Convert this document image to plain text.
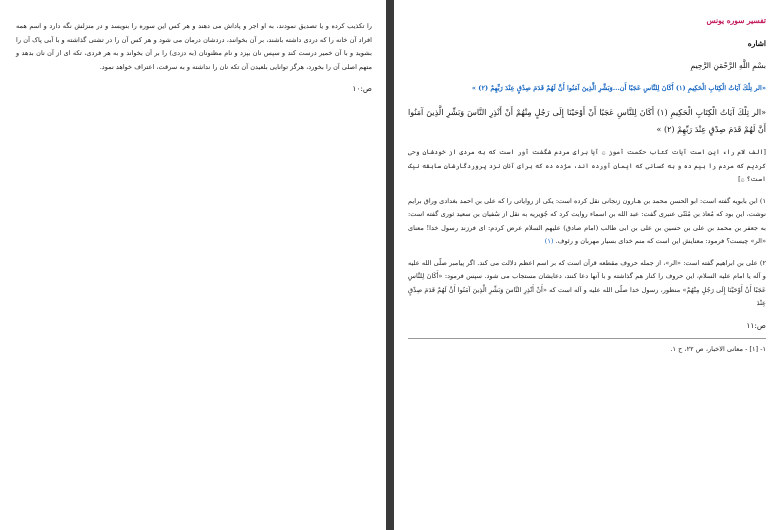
را تکذیب کرده و یا تصدیق نمودند، به او اجر و پاداش می دهند و هر کس این سوره را بنویسد و در منزلش نگه دارد و اسم همه افراد آن خانه را که دردی داشته باشند، بر آن بخوانند، دردشان درمان می شود و هر کس آن را در تشتی گذاشته و با آبی پاک آن را بشوید و با آن خمیر درست کند و سپس نان بپزد و نام مظنونان (به دزدی) را بر آن بخواند و به هر فردی، تکه ای از آن نان بدهد و متهم اصلی آن را بخورد، هرگز توانایی بلعیدن آن تکه نان را نداشته و به سرقت، اعتراف خواهد نمود.

ص:۱۰

تفسیر سوره یونس

اشاره

بسْمِ اللَّهِ الرَّحْمَنِ الرَّحِيمِ

«الر تِلْكَ آيَاتُ الْكِتَابِ الْحَكِيمِ (١) أَكَانَ لِلنَّاسِ عَجَبًا أَن...وَبَشِّرِ الَّذِينَ آمَنُوا أَنَّ لَهُمْ قَدَمَ صِدْقٍ عِنْدَ رَبِّهِمْ (٢) »

«الر تِلْكَ آيَاتُ الْكِتَابِ الْحَكِيمِ (١) أَكَانَ لِلنَّاسِ عَجَبًا أَنْ أَوْحَيْنَا إِلَى رَجُلٍ مِنْهُمْ أَنْ أَنْذِرِ النَّاسَ وَبَشِّرِ الَّذِينَ آمَنُوا أَنَّ لَهُمْ قَدَمَ صِدْقٍ عِنْدَ رَبِّهِمْ (٢) »

[الف لام راء این است آیات کتاب حکمت آموز ۞ آیا برای مردم شگفت آور است که به مردی از خودشان وحی کردیم که مردم را بیم ده و به کسانی که ایمان آورده اند، مژده ده که برای آنان نزد پروردگارشان سابقه نیک است؟ ۞]

۱) ابن بابویه گفته است: ابو الحسن محمد بن هـارون زنجانی نقل کرده است: یکی از روایاتی را که علی بن احمد بغدادی وراق برایم نوشت، این بود که مُعاذ بن مُثَنّی عنبری گفت: عبد الله بن اسماء روایت کرد که جُوَیریه به نقل از سُفیان بن سعید ثوری گفته است: به جعفر بن محمد بن علی بن حسین بن علی بن ابی طالب (امام صادق) علیهم السلام عرض کردم: ای فرزند رسول خدا! معنای «الر» چیست؟ فرمود: معنایش این است که منم خدای بسیار مهربان و رئوف. (۱)

۲) علی بن ابراهیم گفته است: «الر»، از جمله حروف مقطعه قرآن است که بر اسم اعظم دلالت می کند. اگر پیامبر صلّی الله علیه و آله یا امام علیه السلام، این حروف را کنار هم گذاشته و با آنها دعا کنند، دعایشان مستجاب می شود. سپس فرمود: «أَكَانَ لِلنَّاسِ عَجَبًا أَنْ أَوْحَيْنَا إِلَى رَجُلٍ مِنْهُمْ» منظور، رسول خدا صلّی الله علیه و آله است که «أَنْ أَنْذِرِ النَّاسَ وَبَشِّرِ الَّذِينَ آمَنُوا أَنَّ لَهُمْ قَدَمَ صِدْقٍ عِنْدَ

ص:۱۱

۱- [۱] - معانی الاخبار، ص ۲۲، ح ۱.
